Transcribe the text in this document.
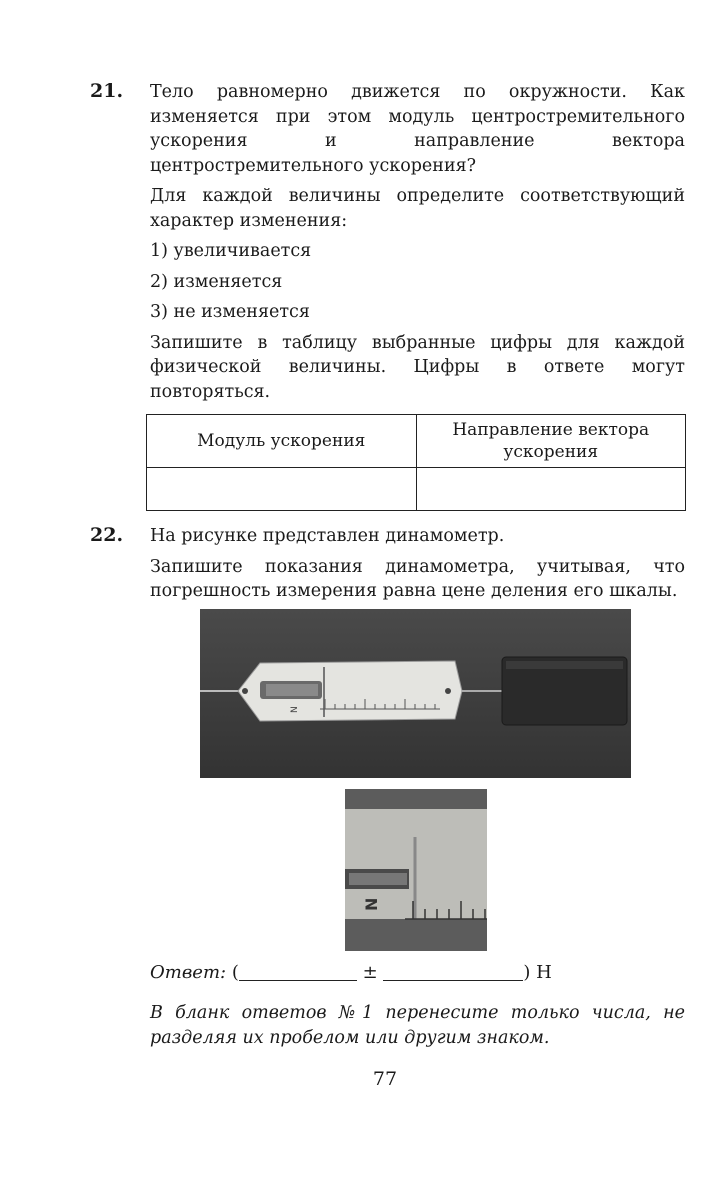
21. Тело равномерно движется по окружности. Как изменяется при этом модуль центростремительного ускорения и направление вектора центростремительного ускорения?

Для каждой величины определите соответствующий характер изменения:

1) увеличивается
2) изменяется
3) не изменяется

Запишите в таблицу выбранные цифры для каждой физической величины. Цифры в ответе могут повторяться.

Модуль ускорения	Направление вектора ускорения

22. На рисунке представлен динамометр.

Запишите показания динамометра, учитывая, что погрешность измерения равна цене деления его шкалы.

N
N
Ответ: (	±	) Н
В бланк ответов №1 перенесите только числа, не разделяя их пробелом или другим знаком.
77
